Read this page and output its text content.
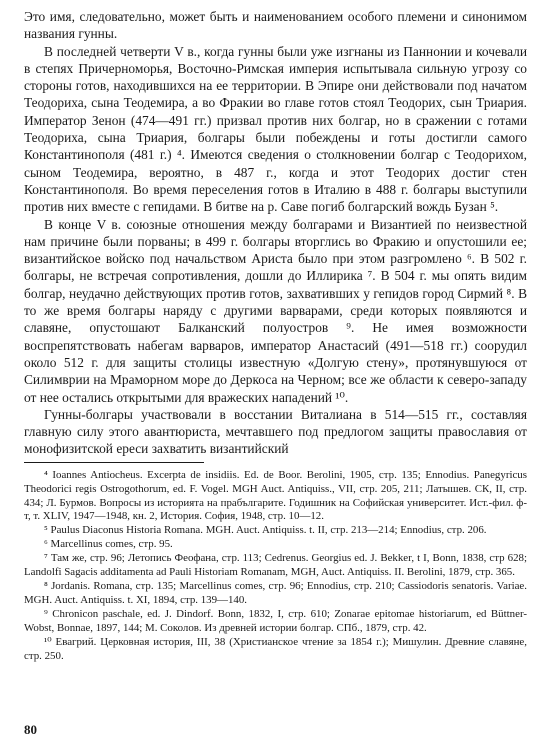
Это имя, следовательно, может быть и наименованием особого племени и синонимом названия гунны.

В последней четверти V в., когда гунны были уже изгнаны из Паннонии и кочевали в степях Причерноморья, Восточно-Римская империя испытывала сильную угрозу со стороны готов, находившихся на ее территории. В Эпире они действовали под начатом Теодориха, сына Теодемира, а во Фракии во главе готов стоял Теодорих, сын Триария. Император Зенон (474—491 гг.) призвал против них болгар, но в сражении с готами Теодориха, сына Триария, болгары были побеждены и готы достигли самого Константинополя (481 г.) ⁴. Имеются сведения о столкновении болгар с Теодорихом, сыном Теодемира, вероятно, в 487 г., когда и этот Теодорих достиг стен Константинополя. Во время переселения готов в Италию в 488 г. болгары выступили против них вместе с гепидами. В битве на р. Саве погиб болгарский вождь Бузан ⁵.

В конце V в. союзные отношения между болгарами и Византией по неизвестной нам причине были порваны; в 499 г. болгары вторглись во Фракию и опустошили ее; византийское войско под начальством Ариста было при этом разгромлено ⁶. В 502 г. болгары, не встречая сопротивления, дошли до Иллирика ⁷. В 504 г. мы опять видим болгар, неудачно действующих против готов, захвативших у гепидов город Сирмий ⁸. В то же время болгары наряду с другими варварами, среди которых появляются и славяне, опустошают Балканский полуостров ⁹. Не имея возможности воспрепятствовать набегам варваров, император Анастасий (491—518 гг.) соорудил около 512 г. для защиты столицы известную «Долгую стену», протянувшуюся от Силимврии на Мраморном море до Деркоса на Черном; все же области к северо-западу от нее остались открытыми для вражеских нападений ¹⁰.

Гунны-болгары участвовали в восстании Виталиана в 514—515 гг., составляя главную силу этого авантюриста, мечтавшего под предлогом защиты православия от монофизитской ереси захватить византийский

⁴ Ioannes Antiocheus. Excerpta de insidiis. Ed. de Boor. Berolini, 1905, стр. 135; Ennodius. Panegyricus Theodorici regis Ostrogothorum, ed. F. Vogel. MGH Auct. Antiquiss., VII, стр. 205, 211; Латышев. СК, II, стр. 434; Л. Бурмов. Вопросы из историята на прабългарите. Годишник на Софийская университет. Ист.-фил. ф-т, т. XLIV, 1947—1948, кн. 2, История. София, 1948, стр. 10—12.

⁵ Paulus Diaconus Historia Romana. MGH. Auct. Antiquiss. t. II, стр. 213—214; Ennodius, стр. 206.

⁶ Marcellinus comes, стр. 95.

⁷ Там же, стр. 96; Летопись Феофана, стр. 113; Cedrenus. Georgius ed. J. Bekker, t I, Bonn, 1838, стр 628; Landolfi Sagacis additamenta ad Pauli Historiam Romanam, MGH, Auct. Antiquiss. II. Berolini, 1879, стр. 365.

⁸ Jordanis. Romana, стр. 135; Marcellinus comes, стр. 96; Ennodius, стр. 210; Cassiodoris senatoris. Variae. MGH. Auct. Antiquiss. t. XI, 1894, стр. 139—140.

⁹ Chronicon paschale, ed. J. Dindorf. Bonn, 1832, I, стр. 610; Zonarae epitomae historiarum, ed Büttner-Wobst, Bonnae, 1897, 144; М. Соколов. Из древней истории болгар. СПб., 1879, стр. 42.

¹⁰ Евагрий. Церковная история, III, 38 (Христианское чтение за 1854 г.); Мишулин. Древние славяне, стр. 250.

80
